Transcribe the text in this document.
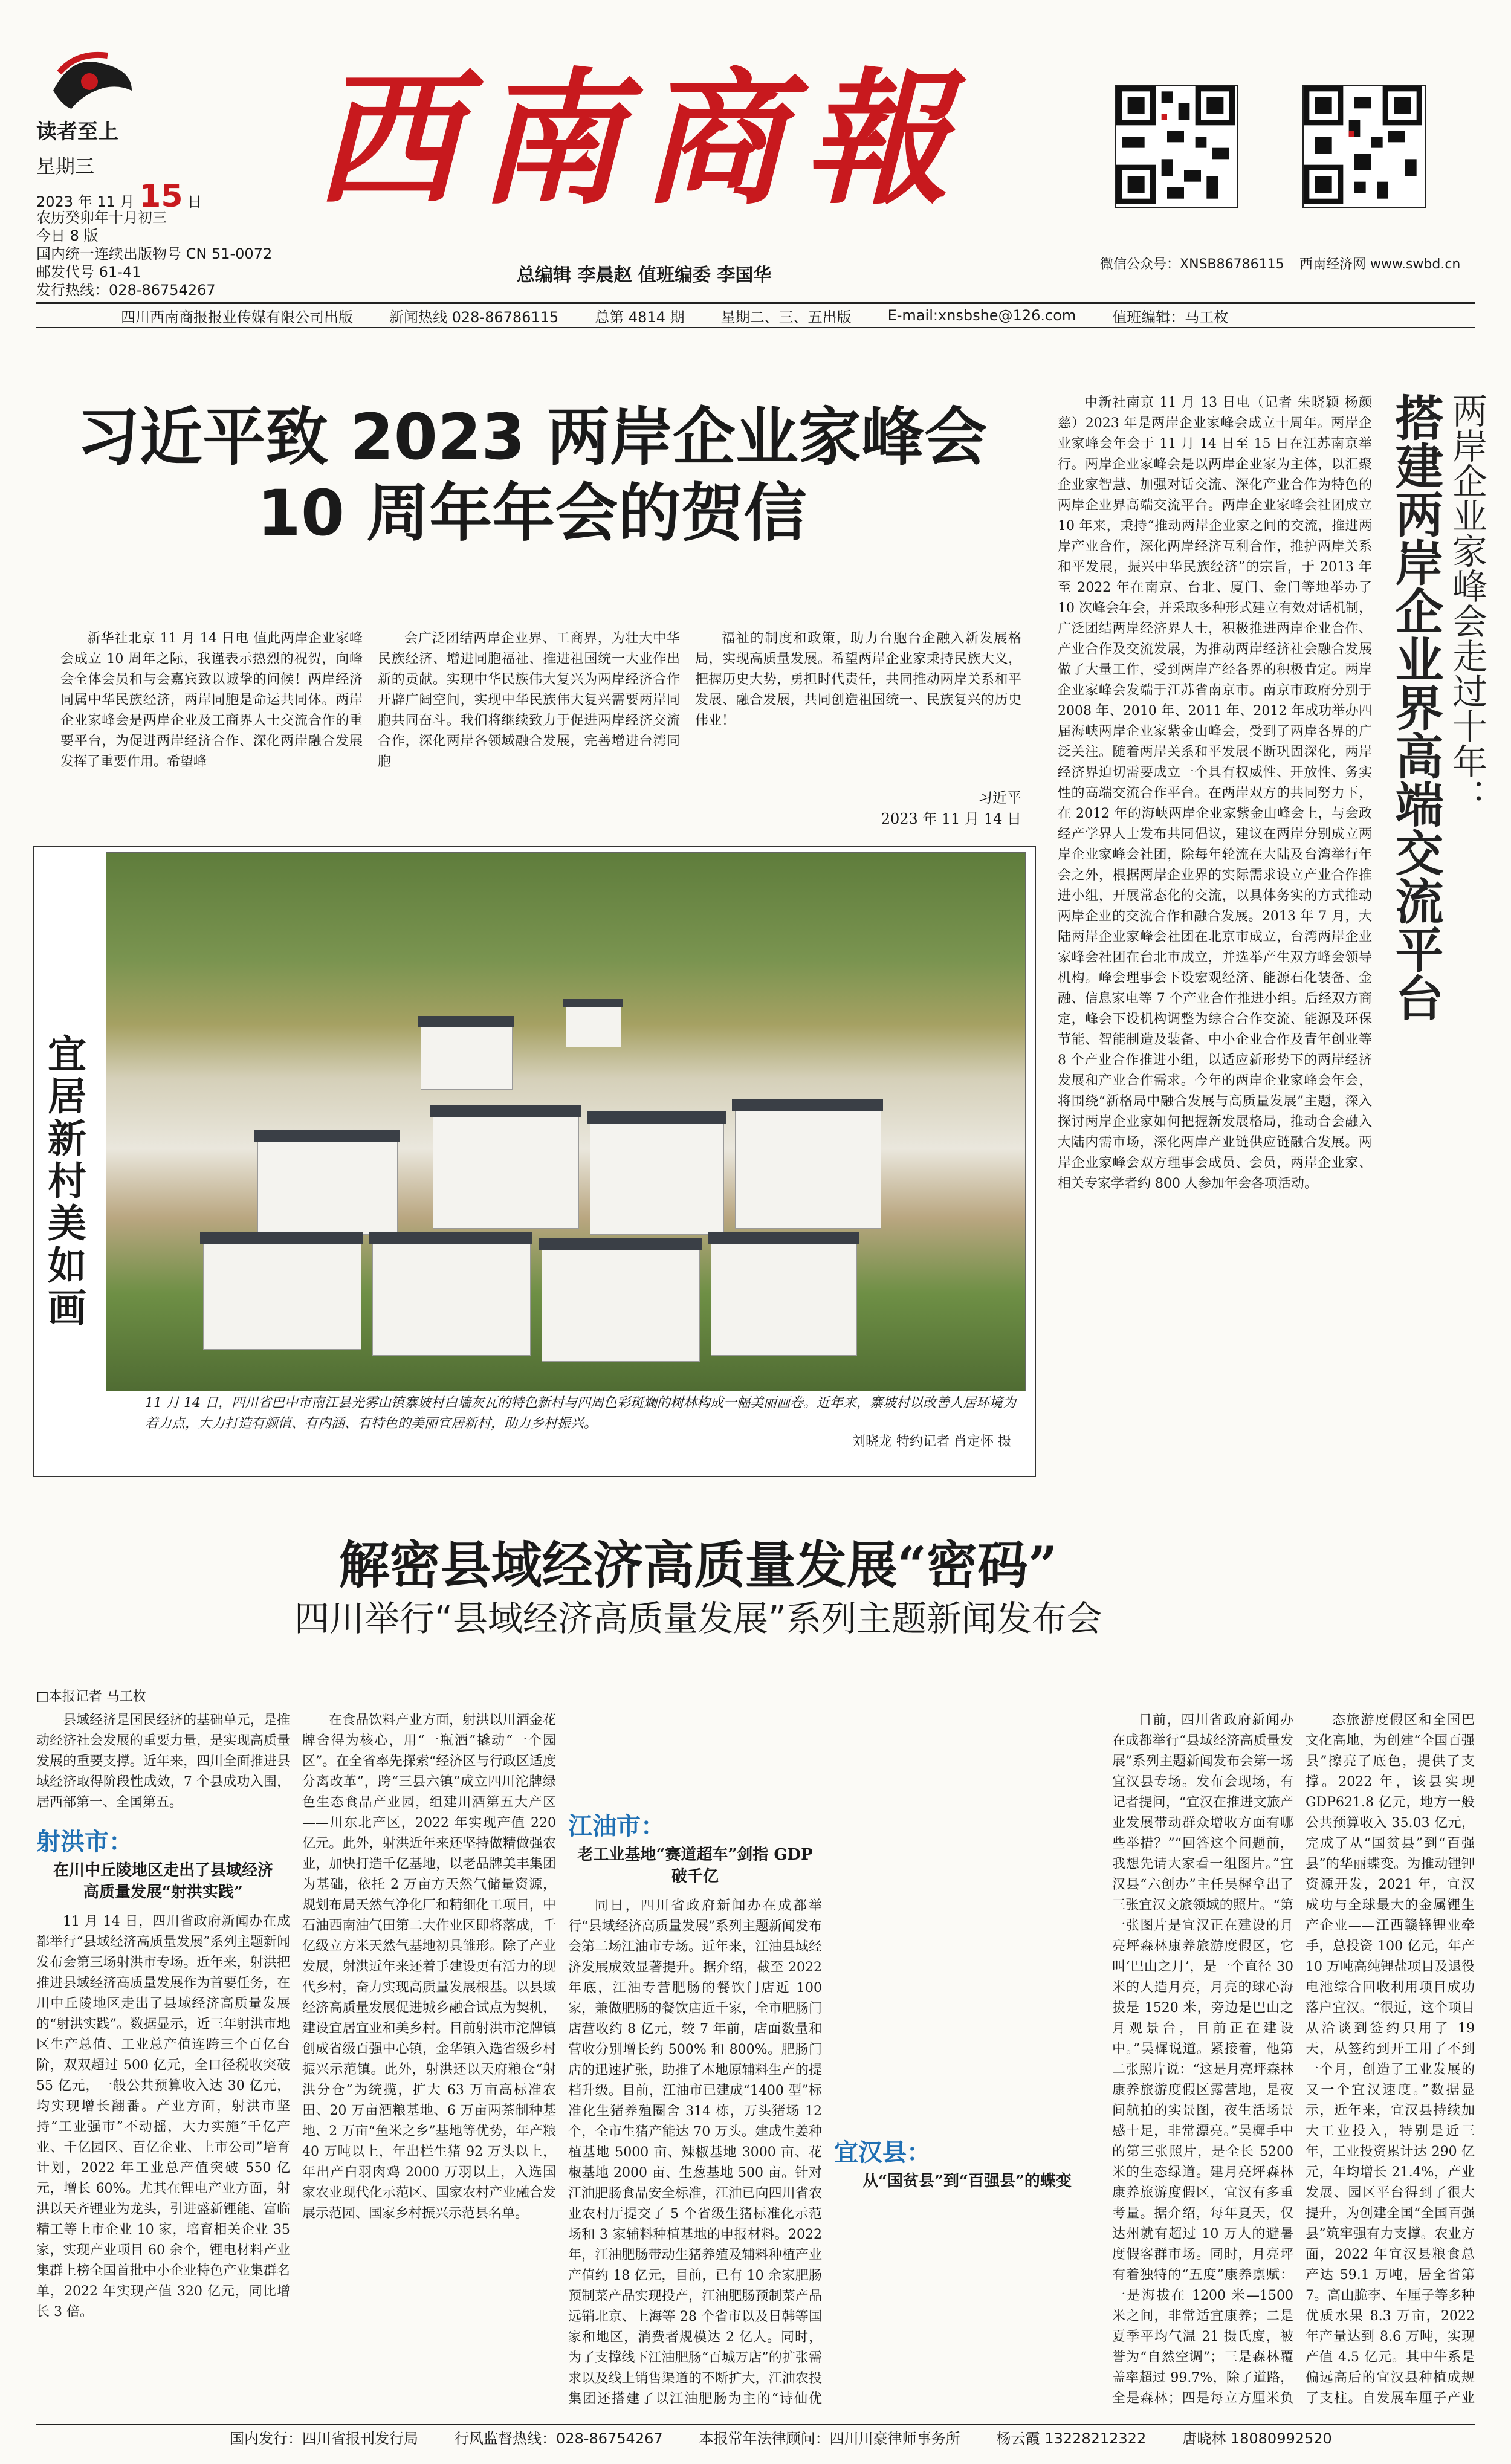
读者至上
星期三
2023 年 11 月 15 日
农历癸卯年十月初三
今日 8 版
国内统一连续出版物号 CN 51-0072
邮发代号 61-41
发行热线：028-86754267
西南商報
总编辑 李晨赵 值班编委 李国华
微信公众号：XNSB86786115 西南经济网 www.swbd.cn
四川西南商报报业传媒有限公司出版	新闻热线 028-86786115	总第 4814 期	星期二、三、五出版	E-mail:xnsbshe@126.com	值班编辑：马工枚
习近平致 2023 两岸企业家峰会
10 周年年会的贺信

新华社北京 11 月 14 日电 值此两岸企业家峰会成立 10 周年之际，我谨表示热烈的祝贺，向峰会全体会员和与会嘉宾致以诚挚的问候！两岸经济同属中华民族经济，两岸同胞是命运共同体。两岸企业家峰会是两岸企业及工商界人士交流合作的重要平台，为促进两岸经济合作、深化两岸融合发展发挥了重要作用。希望峰

会广泛团结两岸企业界、工商界，为壮大中华民族经济、增进同胞福祉、推进祖国统一大业作出新的贡献。实现中华民族伟大复兴为两岸经济合作开辟广阔空间，实现中华民族伟大复兴需要两岸同胞共同奋斗。我们将继续致力于促进两岸经济交流合作，深化两岸各领域融合发展，完善增进台湾同胞

福祉的制度和政策，助力台胞台企融入新发展格局，实现高质量发展。希望两岸企业家秉持民族大义，把握历史大势，勇担时代责任，共同推动两岸关系和平发展、融合发展，共同创造祖国统一、民族复兴的历史伟业！

习近平
2023 年 11 月 14 日
两岸企业家峰会走过十年：
搭建两岸企业界高端交流平台

中新社南京 11 月 13 日电（记者 朱晓颖 杨颜慈）2023 年是两岸企业家峰会成立十周年。两岸企业家峰会年会于 11 月 14 日至 15 日在江苏南京举行。两岸企业家峰会是以两岸企业家为主体，以汇聚企业家智慧、加强对话交流、深化产业合作为特色的两岸企业界高端交流平台。两岸企业家峰会社团成立 10 年来，秉持“推动两岸企业家之间的交流，推进两岸产业合作，深化两岸经济互利合作，推护两岸关系和平发展，振兴中华民族经济”的宗旨，于 2013 年至 2022 年在南京、台北、厦门、金门等地举办了 10 次峰会年会，并采取多种形式建立有效对话机制，广泛团结两岸经济界人士，积极推进两岸企业合作、产业合作及交流发展，为推动两岸经济社会融合发展做了大量工作，受到两岸产经各界的积极肯定。两岸企业家峰会发端于江苏省南京市。南京市政府分别于 2008 年、2010 年、2011 年、2012 年成功举办四届海峡两岸企业家紫金山峰会，受到了两岸各界的广泛关注。随着两岸关系和平发展不断巩固深化，两岸经济界迫切需要成立一个具有权威性、开放性、务实性的高端交流合作平台。在两岸双方的共同努力下，在 2012 年的海峡两岸企业家紫金山峰会上，与会政经产学界人士发布共同倡议，建议在两岸分别成立两岸企业家峰会社团，除每年轮流在大陆及台湾举行年会之外，根据两岸企业界的实际需求设立产业合作推进小组，开展常态化的交流，以具体务实的方式推动两岸企业的交流合作和融合发展。2013 年 7 月，大陆两岸企业家峰会社团在北京市成立，台湾两岸企业家峰会社团在台北市成立，并选举产生双方峰会领导机构。峰会理事会下设宏观经济、能源石化装备、金融、信息家电等 7 个产业合作推进小组。后经双方商定，峰会下设机构调整为综合合作交流、能源及环保节能、智能制造及装备、中小企业合作及青年创业等 8 个产业合作推进小组，以适应新形势下的两岸经济发展和产业合作需求。今年的两岸企业家峰会年会，将围绕“新格局中融合发展与高质量发展”主题，深入探讨两岸企业家如何把握新发展格局，推动合会融入大陆内需市场，深化两岸产业链供应链融合发展。两岸企业家峰会双方理事会成员、会员，两岸企业家、相关专家学者约 800 人参加年会各项活动。

宜居新村美如画
11 月 14 日，四川省巴中市南江县光雾山镇寨坡村白墙灰瓦的特色新村与四周色彩斑斓的树林构成一幅美丽画卷。近年来，寨坡村以改善人居环境为着力点，大力打造有颜值、有内涵、有特色的美丽宜居新村，助力乡村振兴。
刘晓龙 特约记者 肖定怀 摄
解密县域经济高质量发展“密码”
四川举行“县域经济高质量发展”系列主题新闻发布会
□本报记者 马工枚

县域经济是国民经济的基础单元，是推动经济社会发展的重要力量，是实现高质量发展的重要支撑。近年来，四川全面推进县域经济取得阶段性成效，7 个县成功入围，居西部第一、全国第五。

射洪市：
在川中丘陵地区走出了县域经济高质量发展“射洪实践”

11 月 14 日，四川省政府新闻办在成都举行“县域经济高质量发展”系列主题新闻发布会第三场射洪市专场。近年来，射洪把推进县域经济高质量发展作为首要任务，在川中丘陵地区走出了县域经济高质量发展的“射洪实践”。数据显示，近三年射洪市地区生产总值、工业总产值连跨三个百亿台阶，双双超过 500 亿元，全口径税收突破 55 亿元，一般公共预算收入达 30 亿元，均实现增长翻番。产业方面，射洪市坚持“工业强市”不动摇，大力实施“千亿产业、千亿园区、百亿企业、上市公司”培育计划，2022 年工业总产值突破 550 亿元，增长 60%。尤其在锂电产业方面，射洪以天齐锂业为龙头，引进盛新锂能、富临精工等上市企业 10 家，培育相关企业 35 家，实现产业项目 60 余个，锂电材料产业集群上榜全国首批中小企业特色产业集群名单，2022 年实现产值 320 亿元，同比增长 3 倍。

在食品饮料产业方面，射洪以川酒金花牌舍得为核心，用“一瓶酒”撬动“一个园区”。在全省率先探索“经济区与行政区适度分离改革”，跨“三县六镇”成立四川沱牌绿色生态食品产业园，组建川酒第五大产区——川东北产区，2022 年实现产值 220 亿元。此外，射洪近年来还坚持做精做强农业，加快打造千亿基地，以老品牌美丰集团为基础，依托 2 万亩方天然气储量资源，规划布局天然气净化厂和精细化工项目，中石油西南油气田第二大作业区即将落成，千亿级立方米天然气基地初具雏形。除了产业发展，射洪近年来还着手建设更有活力的现代乡村，奋力实现高质量发展根基。以县域经济高质量发展促进城乡融合试点为契机，建设宜居宜业和美乡村。目前射洪市沱牌镇创成省级百强中心镇，金华镇入选省级乡村振兴示范镇。此外，射洪还以天府粮仓“射洪分仓”为统揽，扩大 63 万亩高标准农田、20 万亩酒粮基地、6 万亩两茶制种基地、2 万亩“鱼米之乡”基地等优势，年产粮 40 万吨以上，年出栏生猪 92 万头以上，年出产白羽肉鸡 2000 万羽以上，入选国家农业现代化示范区、国家农村产业融合发展示范园、国家乡村振兴示范县名单。

江油市：
老工业基地“赛道超车”剑指 GDP 破千亿

同日，四川省政府新闻办在成都举行“县域经济高质量发展”系列主题新闻发布会第二场江油市专场。近年来，江油县域经济发展成效显著提升。据介绍，截至 2022 年底，江油专营肥肠的餐饮门店近 100 家，兼做肥肠的餐饮店近千家，全市肥肠门店营收约 8 亿元，较 7 年前，店面数量和营收分别增长约 500% 和 800%。肥肠门店的迅速扩张，助推了本地原辅料生产的提档升级。目前，江油市已建成“1400 型”标准化生猪养殖圈舍 314 栋，万头猪场 12 个，全市生猪产能达 70 万头。建成生姜种植基地 5000 亩、辣椒基地 3000 亩、花椒基地 2000 亩、生葱基地 500 亩。针对江油肥肠食品安全标准，江油已向四川省农业农村厅提交了 5 个省级生猪标准化示范场和 3 家辅料种植基地的申报材料。2022 年，江油肥肠带动生猪养殖及辅料种植产业产值约 18 亿元，目前，已有 10 余家肥肠预制菜产品实现投产，江油肥肠预制菜产品远销北京、上海等 28 个省市以及日韩等国家和地区，消费者规模达 2 亿人。同时，为了支撑线下江油肥肠“百城万店”的扩张需求以及线上销售渠道的不断扩大，江油农投集团还搭建了以江油肥肠为主的“诗仙优

宜汉县：
从“国贫县”到“百强县”的蝶变

日前，四川省政府新闻办在成都举行“县域经济高质量发展”系列主题新闻发布会第一场宜汉县专场。发布会现场，有记者提问，“宜汉在推进文旅产业发展带动群众增收方面有哪些举措？”“回答这个问题前，我想先请大家看一组图片。”宜汉县“六创办”主任吴樨拿出了三张宜汉文旅领域的照片。“第一张图片是宜汉正在建设的月亮坪森林康养旅游度假区，它叫‘巴山之月’，是一个直径 30 米的人造月亮，月亮的球心海拔是 1520 米，旁边是巴山之月观景台，目前正在建设中。”吴樨说道。紧接着，他第二张照片说：“这是月亮坪森林康养旅游度假区露营地，是夜间航拍的实景图，夜生活场景感十足，非常漂亮。”吴樨手中的第三张照片，是全长 5200 米的生态绿道。建月亮坪森林康养旅游度假区，宜汉有多重考量。据介绍，每年夏天，仅达州就有超过 10 万人的避暑度假客群市场。同时，月亮坪有着独特的“五度”康养禀赋：一是海拔在 1200 米—1500 米之间，非常适宜康养；二是夏季平均气温 21 摄氏度，被誉为“自然空调”；三是森林覆盖率超过 99.7%，除了道路，全是森林；四是每立方厘米负

态旅游度假区和全国巴文化高地，为创建“全国百强县”擦亮了底色，提供了支撑。2022 年，该县实现 GDP621.8 亿元，地方一般公共预算收入 35.03 亿元，完成了从“国贫县”到“百强县”的华丽蝶变。为推动锂钾资源开发，2021 年，宜汉成功与全球最大的金属锂生产企业——江西赣锋锂业牵手，总投资 100 亿元，年产 10 万吨高纯锂盐项目及退役电池综合回收利用项目成功落户宜汉。“很近，这个项目从洽谈到签约只用了 19 天，从签约到开工用了不到一个月，创造了工业发展的又一个宜汉速度。”数据显示，近年来，宜汉县持续加大工业投入，特别是近三年，工业投资累计达 290 亿元，年均增长 21.4%，产业发展、园区平台得到了很大提升，为创建全国“全国百强县”筑牢强有力支撑。农业方面，2022 年宜汉县粮食总产达 59.1 万吨，居全省第 7。高山脆李、车厘子等多种优质水果 8.3 万亩，2022 年产量达到 8.6 万吨，实现产值 4.5 亿元。其中牛系是偏远高后的宜汉县种植成规了支柱。自发展车厘子产业

国内发行：四川省报刊发行局	行风监督热线：028-86754267	本报常年法律顾问：四川川豪律师事务所	杨云霞 13228212322	唐晓林 18080992520
